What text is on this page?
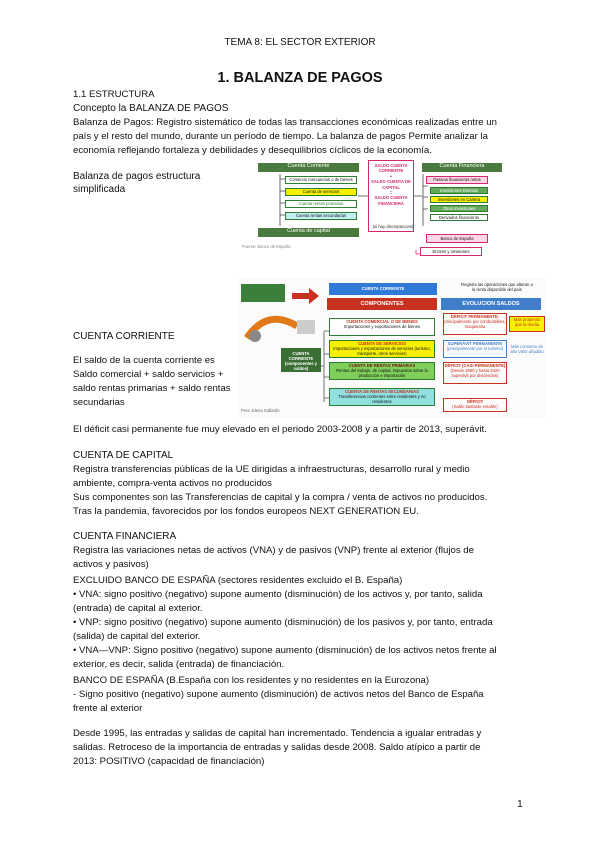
TEMA 8: EL SECTOR EXTERIOR
1. BALANZA DE PAGOS
1.1 ESTRUCTURA
Concepto la BALANZA DE PAGOS
Balanza de Pagos: Registro sistemático de todas las transacciones económicas realizadas entre un
país y el resto del mundo, durante un período de tiempo. La balanza de pagos Permite analizar la
economía reflejando fortaleza y debilidades y desequilibrios cíclicos de la economía.
Balanza de pagos estructura
simplificada
Cuenta Corriente
Comercio mercancías o de bienes
Cuenta de servicios
Cuenta rentas primarias
Cuenta rentas secundarias
Cuenta de capital
SALDO CUENTA
CORRIENTE
+
SALDO CUENTA DE
CAPITAL
=
SALDO CUENTA
FINANCIERA
(si hay discrepancias)
Cuenta Financiera
Pasivos financieros netos
Inversiones Directas
Inversiones en Cartera
Otras Inversiones
Derivados financieros
Banco de España
Errores y omisiones
Fuente: Banco de España
CUENTA CORRIENTE
Registra las operaciones que alteran a
la renta disponible del país
COMPONENTES	EVOLUCIÓN SALDOS
CUENTA
CORRIENTE
(componentes y saldos)
CUENTA COMERCIAL O DE BIENES
Importaciones y exportaciones de bienes
CUENTA DE SERVICIOS
Importaciones y exportaciones de servicios (turismo, transporte, otros servicios)
CUENTA DE RENTAS PRIMARIAS
Rentas del trabajo, de capital, impuestos sobre la producción e importación
CUENTA DE RENTAS SECUNDARIAS
Transferencias corrientes entre residentes y no residentes
DÉFICIT PERMANENTE:
principalmente por combustibles, maquinaria
SUPERÁVIT PERMANENTE
(principalmente por el turismo)
DÉFICIT (CASI PERMANENTE)
(Desde 1990 y hasta 2020 superávit por dividendos)
DÉFICIT
(Saldo bastante estable)
Más propenso que la media
Más consumo de alto Valor añadido
Pres. Elena Gallardo
CUENTA CORRIENTE
El saldo de la cuenta corriente es
Saldo comercial + saldo servicios +
saldo rentas primarias + saldo rentas
secundarias
El déficit casi permanente fue muy elevado en el periodo 2003-2008 y a partir de 2013, superávit.
CUENTA DE CAPITAL
Registra transferencias públicas de la UE dirigidas a infraestructuras, desarrollo rural y medio
ambiente, compra-venta activos no producidos
Sus componentes son las Transferencias de capital y la compra / venta de activos no producidos.
Tras la pandemia, favorecidos por los fondos europeos NEXT GENERATION EU.
CUENTA FINANCIERA
Registra las variaciones netas de activos (VNA) y de pasivos (VNP) frente al exterior (flujos de
activos y pasivos)
EXCLUIDO BANCO DE ESPAÑA (sectores residentes excluido el B. España)
• VNA: signo positivo (negativo) supone aumento (disminución) de los activos y, por tanto, salida
(entrada) de capital al exterior.
• VNP: signo positivo (negativo) supone aumento (disminución) de los pasivos y, por tanto, entrada
(salida) de capital del exterior.
• VNA—VNP: Signo positivo (negativo) supone aumento (disminución) de los activos netos frente al
exterior, es decir, salida (entrada) de financiación.
BANCO DE ESPAÑA (B.España con los residentes y no residentes en la Eurozona)
- Signo positivo (negativo) supone aumento (disminución) de activos netos del Banco de España
frente al exterior
Desde 1995, las entradas y salidas de capital han incrementado. Tendencia a igualar entradas y
salidas. Retroceso de la importancia de entradas y salidas desde 2008. Saldo atípico a partir de
2013: POSITIVO (capacidad de financiación)
1
